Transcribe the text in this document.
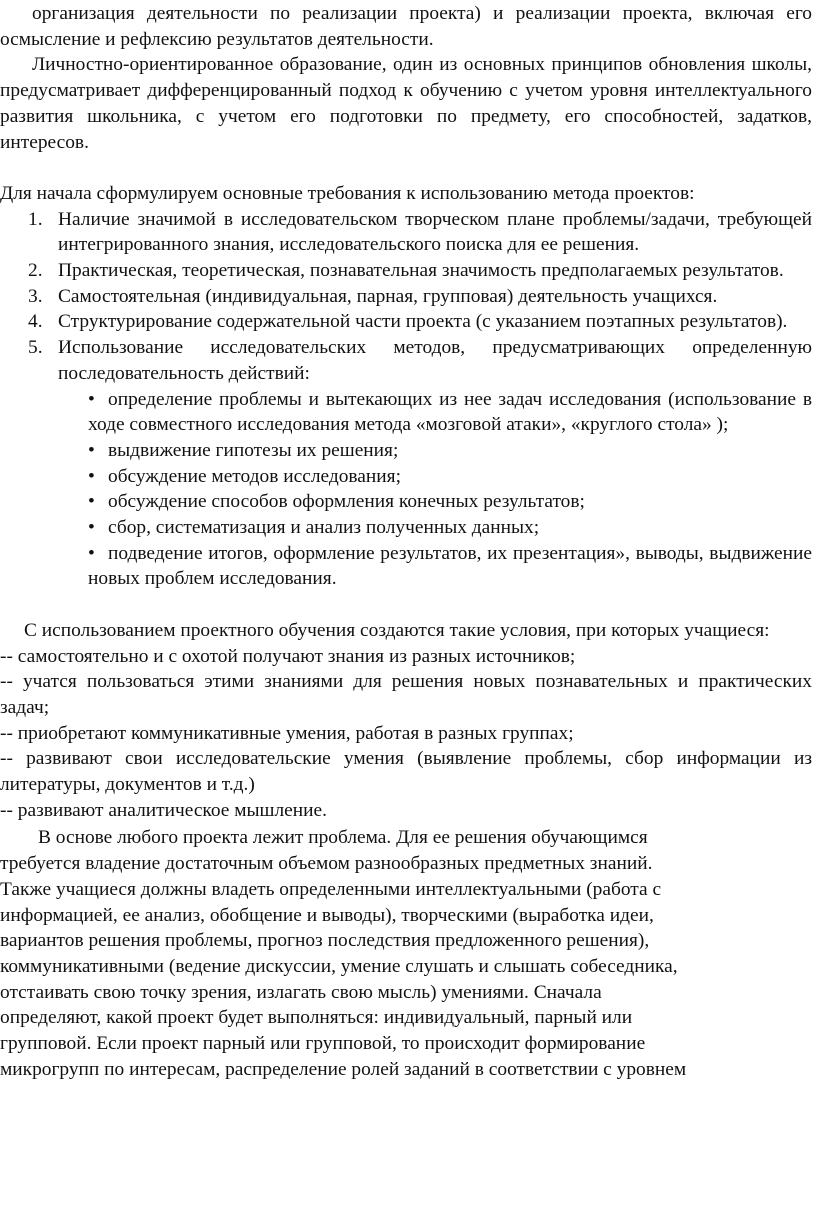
организация деятельности по реализации проекта) и реализации проекта, включая его осмысление и рефлексию результатов деятельности.

Личностно-ориентированное образование, один из основных принципов обновления школы, предусматривает дифференцированный подход к обучению с учетом уровня интеллектуального развития школьника, с учетом его подготовки по предмету, его способностей, задатков, интересов.

Для начала сформулируем основные требования к использованию метода проектов:

1. Наличие значимой в исследовательском творческом плане проблемы/задачи, требующей интегрированного знания, исследовательского поиска для ее решения.
2. Практическая, теоретическая, познавательная значимость предполагаемых результатов.
3. Самостоятельная (индивидуальная, парная, групповая) деятельность учащихся.
4. Структурирование содержательной части проекта (с указанием поэтапных результатов).
5. Использование исследовательских методов, предусматривающих определенную последовательность действий:
• определение проблемы и вытекающих из нее задач исследования (использование в ходе совместного исследования метода «мозговой атаки», «круглого стола» );
• выдвижение гипотезы их решения;
• обсуждение методов исследования;
• обсуждение способов оформления конечных результатов;
• сбор, систематизация и анализ полученных данных;
• подведение итогов, оформление результатов, их презентация», выводы, выдвижение новых проблем исследования.

С использованием проектного обучения создаются такие условия, при которых учащиеся:

-- самостоятельно и с охотой получают знания из разных источников;

-- учатся пользоваться этими знаниями для решения новых познавательных и практических задач;

-- приобретают коммуникативные умения, работая в разных группах;

-- развивают свои исследовательские умения (выявление проблемы, сбор информации из литературы, документов и т.д.)

-- развивают аналитическое мышление.

В основе любого проекта лежит проблема. Для ее решения обучающимся

требуется владение достаточным объемом разнообразных предметных знаний.

Также учащиеся должны владеть определенными интеллектуальными (работа с

информацией, ее анализ, обобщение и выводы), творческими (выработка идеи,

вариантов решения проблемы, прогноз последствия предложенного решения),

коммуникативными (ведение дискуссии, умение слушать и слышать собеседника,

отстаивать свою точку зрения, излагать свою мысль) умениями. Сначала

определяют, какой проект будет выполняться: индивидуальный, парный или

групповой. Если проект парный или групповой, то происходит формирование

микрогрупп по интересам, распределение ролей заданий в соответствии с уровнем
